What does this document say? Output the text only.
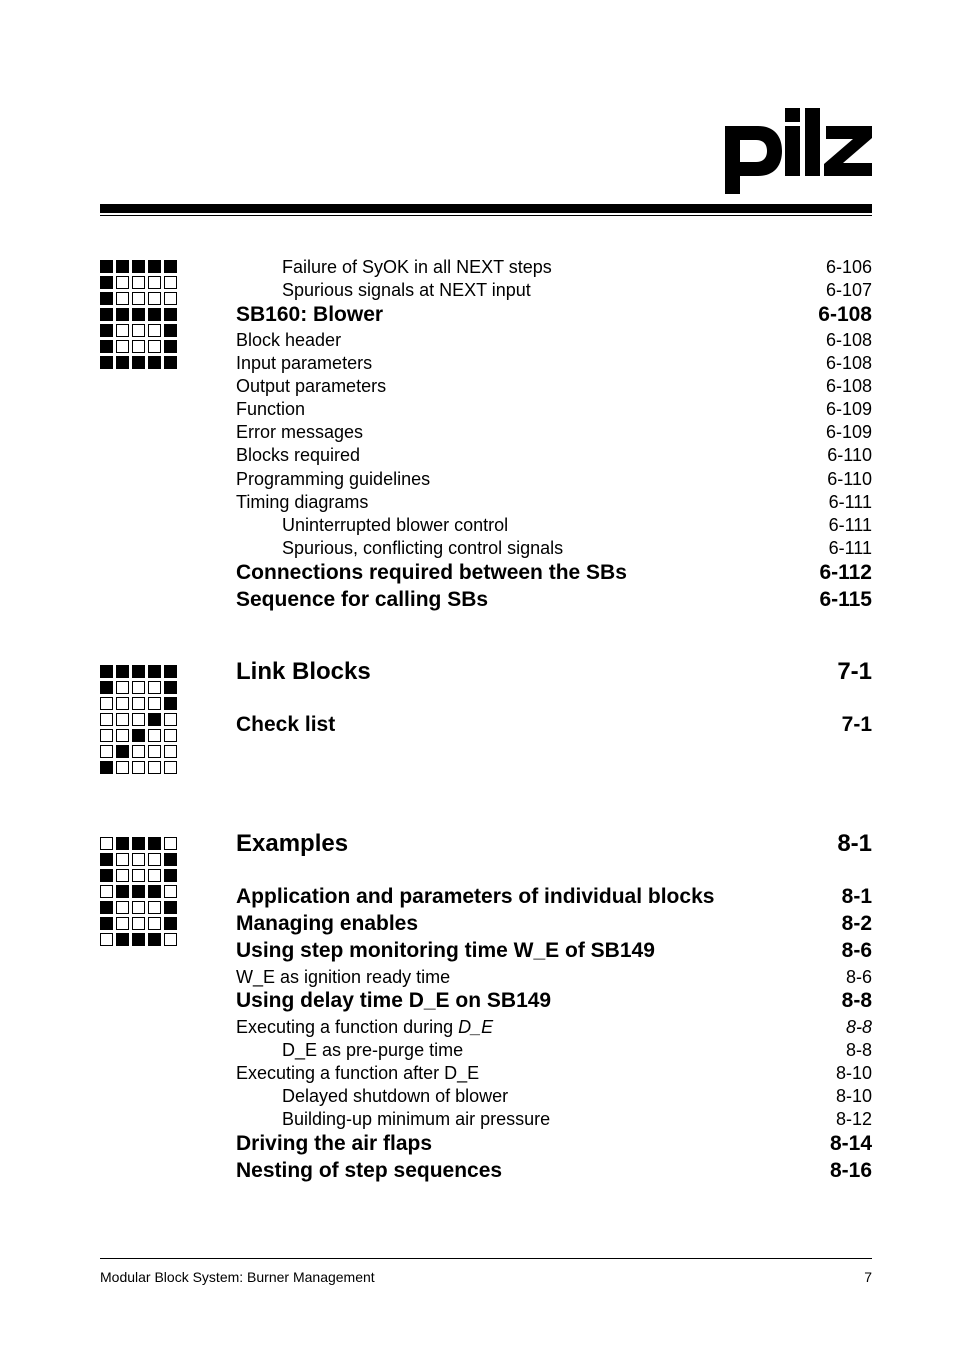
Failure of SyOK in all NEXT steps	6-106
Spurious signals at NEXT input	6-107
SB160: Blower	6-108
Block header	6-108
Input parameters	6-108
Output parameters	6-108
Function	6-109
Error messages	6-109
Blocks required	6-110
Programming guidelines	6-110
Timing diagrams	6-111
Uninterrupted blower control	6-111
Spurious, conflicting control signals	6-111
Connections required between the SBs	6-112
Sequence for calling SBs	6-115
Link Blocks	7-1
Check list	7-1
Examples	8-1
Application and parameters of individual blocks	8-1
Managing enables	8-2
Using step monitoring time W_E of SB149	8-6
W_E as ignition ready time	8-6
Using delay time D_E on SB149	8-8
Executing a function during D_E	8-8
D_E as pre-purge time	8-8
Executing a function after D_E	8-10
Delayed shutdown of blower	8-10
Building-up minimum air pressure	8-12
Driving the air flaps	8-14
Nesting of step sequences	8-16
Modular Block System: Burner Management	7
